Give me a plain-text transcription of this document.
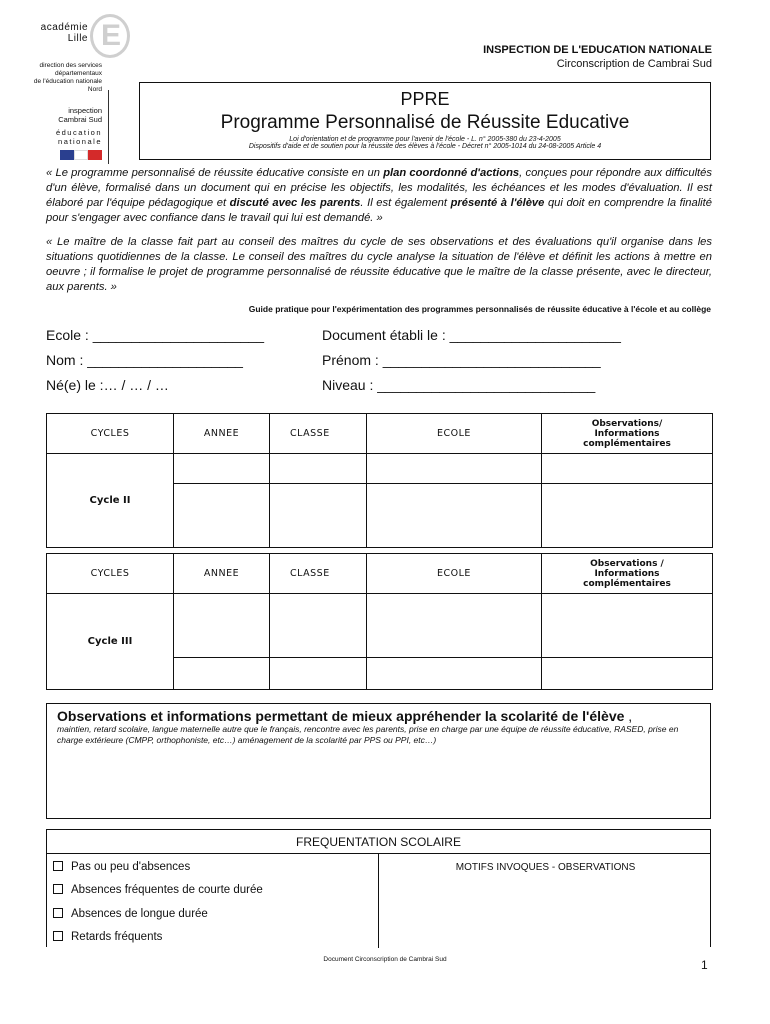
E
académie
Lille
direction des services
départementaux
de l'éducation nationale
Nord
inspection
Cambrai Sud
éducation
nationale
INSPECTION DE L'EDUCATION NATIONALE
Circonscription de Cambrai Sud
PPRE
Programme Personnalisé de Réussite Educative
Loi d'orientation et de programme pour l'avenir de l'école - L. n° 2005-380 du 23-4-2005
Dispositifs d'aide et de soutien pour la réussite des élèves à l'école - Décret n° 2005-1014 du 24-08-2005 Article 4
« Le programme personnalisé de réussite éducative consiste en un plan coordonné d'actions, conçues pour répondre aux difficultés d'un élève, formalisé dans un document qui en précise les objectifs, les modalités, les échéances et les modes d'évaluation. Il est élaboré par l'équipe pédagogique et discuté avec les parents. Il est également présenté à l'élève qui doit en comprendre la finalité pour s'engager avec confiance dans le travail qui lui est demandé. »
« Le maître de la classe fait part au conseil des maîtres du cycle de ses observations et des évaluations qu'il organise dans les situations quotidiennes de la classe. Le conseil des maîtres du cycle analyse la situation de l'élève et définit les actions à mettre en oeuvre ; il formalise le projet de programme personnalisé de réussite éducative que le maître de la classe présente, avec le directeur, aux parents. »
Guide pratique pour l'expérimentation des programmes personnalisés de réussite éducative à l'école et au collège
Ecole : ______________________	Document établi le : ______________________
Nom : ____________________	Prénom : ____________________________
Né(e) le :… / … / …	Niveau : ____________________________
CYCLES	ANNEE	CLASSE	ECOLE	Observations/
Informations
complémentaires

Cycle II				

CYCLES	ANNEE	CLASSE	ECOLE	Observations /
Informations
complémentaires

Cycle III				

Observations et informations permettant de mieux appréhender la scolarité de l'élève ,
maintien, retard scolaire, langue maternelle autre que le français, rencontre avec les parents, prise en charge par une équipe de réussite éducative, RASED, prise en charge extérieure (CMPP, orthophoniste, etc…) aménagement de la scolarité par PPS ou PPI, etc…)
FREQUENTATION SCOLAIRE
Pas ou peu d'absences
Absences fréquentes de courte durée
Absences de longue durée
Retards fréquents
MOTIFS INVOQUES - OBSERVATIONS
Document Circonscription de Cambrai Sud	1
